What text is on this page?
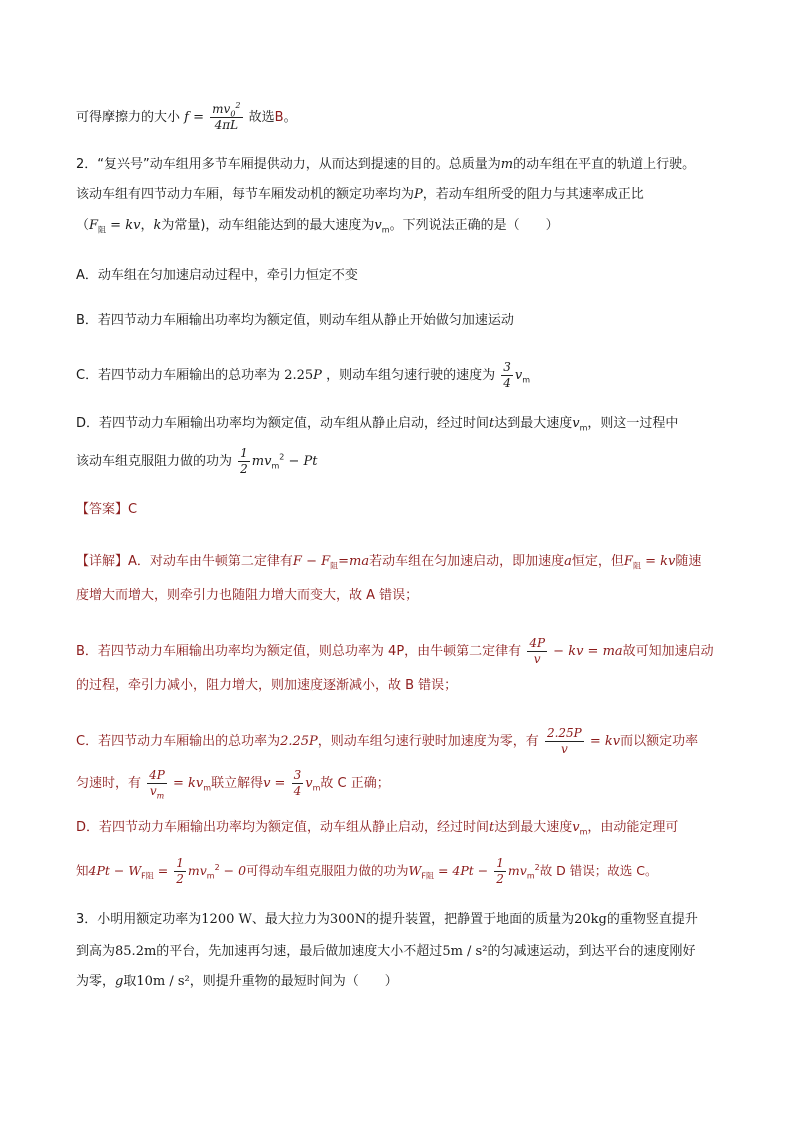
可得摩擦力的大小 $f = \frac{mv_0^2}{4\pi L}$ 故选B。
2．“复兴号”动车组用多节车厢提供动力，从而达到提速的目的。总质量为m的动车组在平直的轨道上行驶。
该动车组有四节动力车厢，每节车厢发动机的额定功率均为P，若动车组所受的阻力与其速率成正比
（$F_阻$ = kv，k为常量)，动车组能达到的最大速度为$v_m$。下列说法正确的是（　　）
A．动车组在匀加速启动过程中，牵引力恒定不变
B．若四节动力车厢输出功率均为额定值，则动车组从静止开始做匀加速运动
C．若四节动力车厢输出的总功率为 2.25P ，则动车组匀速行驶的速度为 $\frac{3}{4} v_m$
D．若四节动力车厢输出功率均为额定值，动车组从静止启动，经过时间t达到最大速度$v_m$，则这一过程中
该动车组克服阻力做的功为 $\frac{1}{2} mv_m^2 - Pt$
【答案】C
【详解】A．对动车由牛顿第二定律有$F - F_阻=ma$若动车组在匀加速启动，即加速度a恒定，但$F_阻$ = kv随速
度增大而增大，则牵引力也随阻力增大而变大，故 A 错误；
B．若四节动力车厢输出功率均为额定值，则总功率为 4P，由牛顿第二定律有 $\frac{4P}{v}$ − kv = ma故可知加速启动
的过程，牵引力减小，阻力增大，则加速度逐渐减小，故 B 错误；
C．若四节动力车厢输出的总功率为2.25P，则动车组匀速行驶时加速度为零，有 $\frac{2.25P}{v}$ = kv而以额定功率
匀速时，有 $\frac{4P}{v_m} = kv_m$联立解得$v = \frac{3}{4} v_m$故 C 正确；
D．若四节动力车厢输出功率均为额定值，动车组从静止启动，经过时间t达到最大速度$v_m$，由动能定理可
知$4Pt - W_{F阻} = \frac{1}{2} mv_m^2 - 0$可得动车组克服阻力做的功为$W_{F阻} = 4Pt - \frac{1}{2} mv_m^2$故 D 错误；故选 C。
3．小明用额定功率为1200 W、最大拉力为300N的提升装置，把静置于地面的质量为20kg的重物竖直提升
到高为85.2m的平台，先加速再匀速，最后做加速度大小不超过5m / s²的匀减速运动，到达平台的速度刚好
为零，g取10m / s²，则提升重物的最短时间为（　　）
